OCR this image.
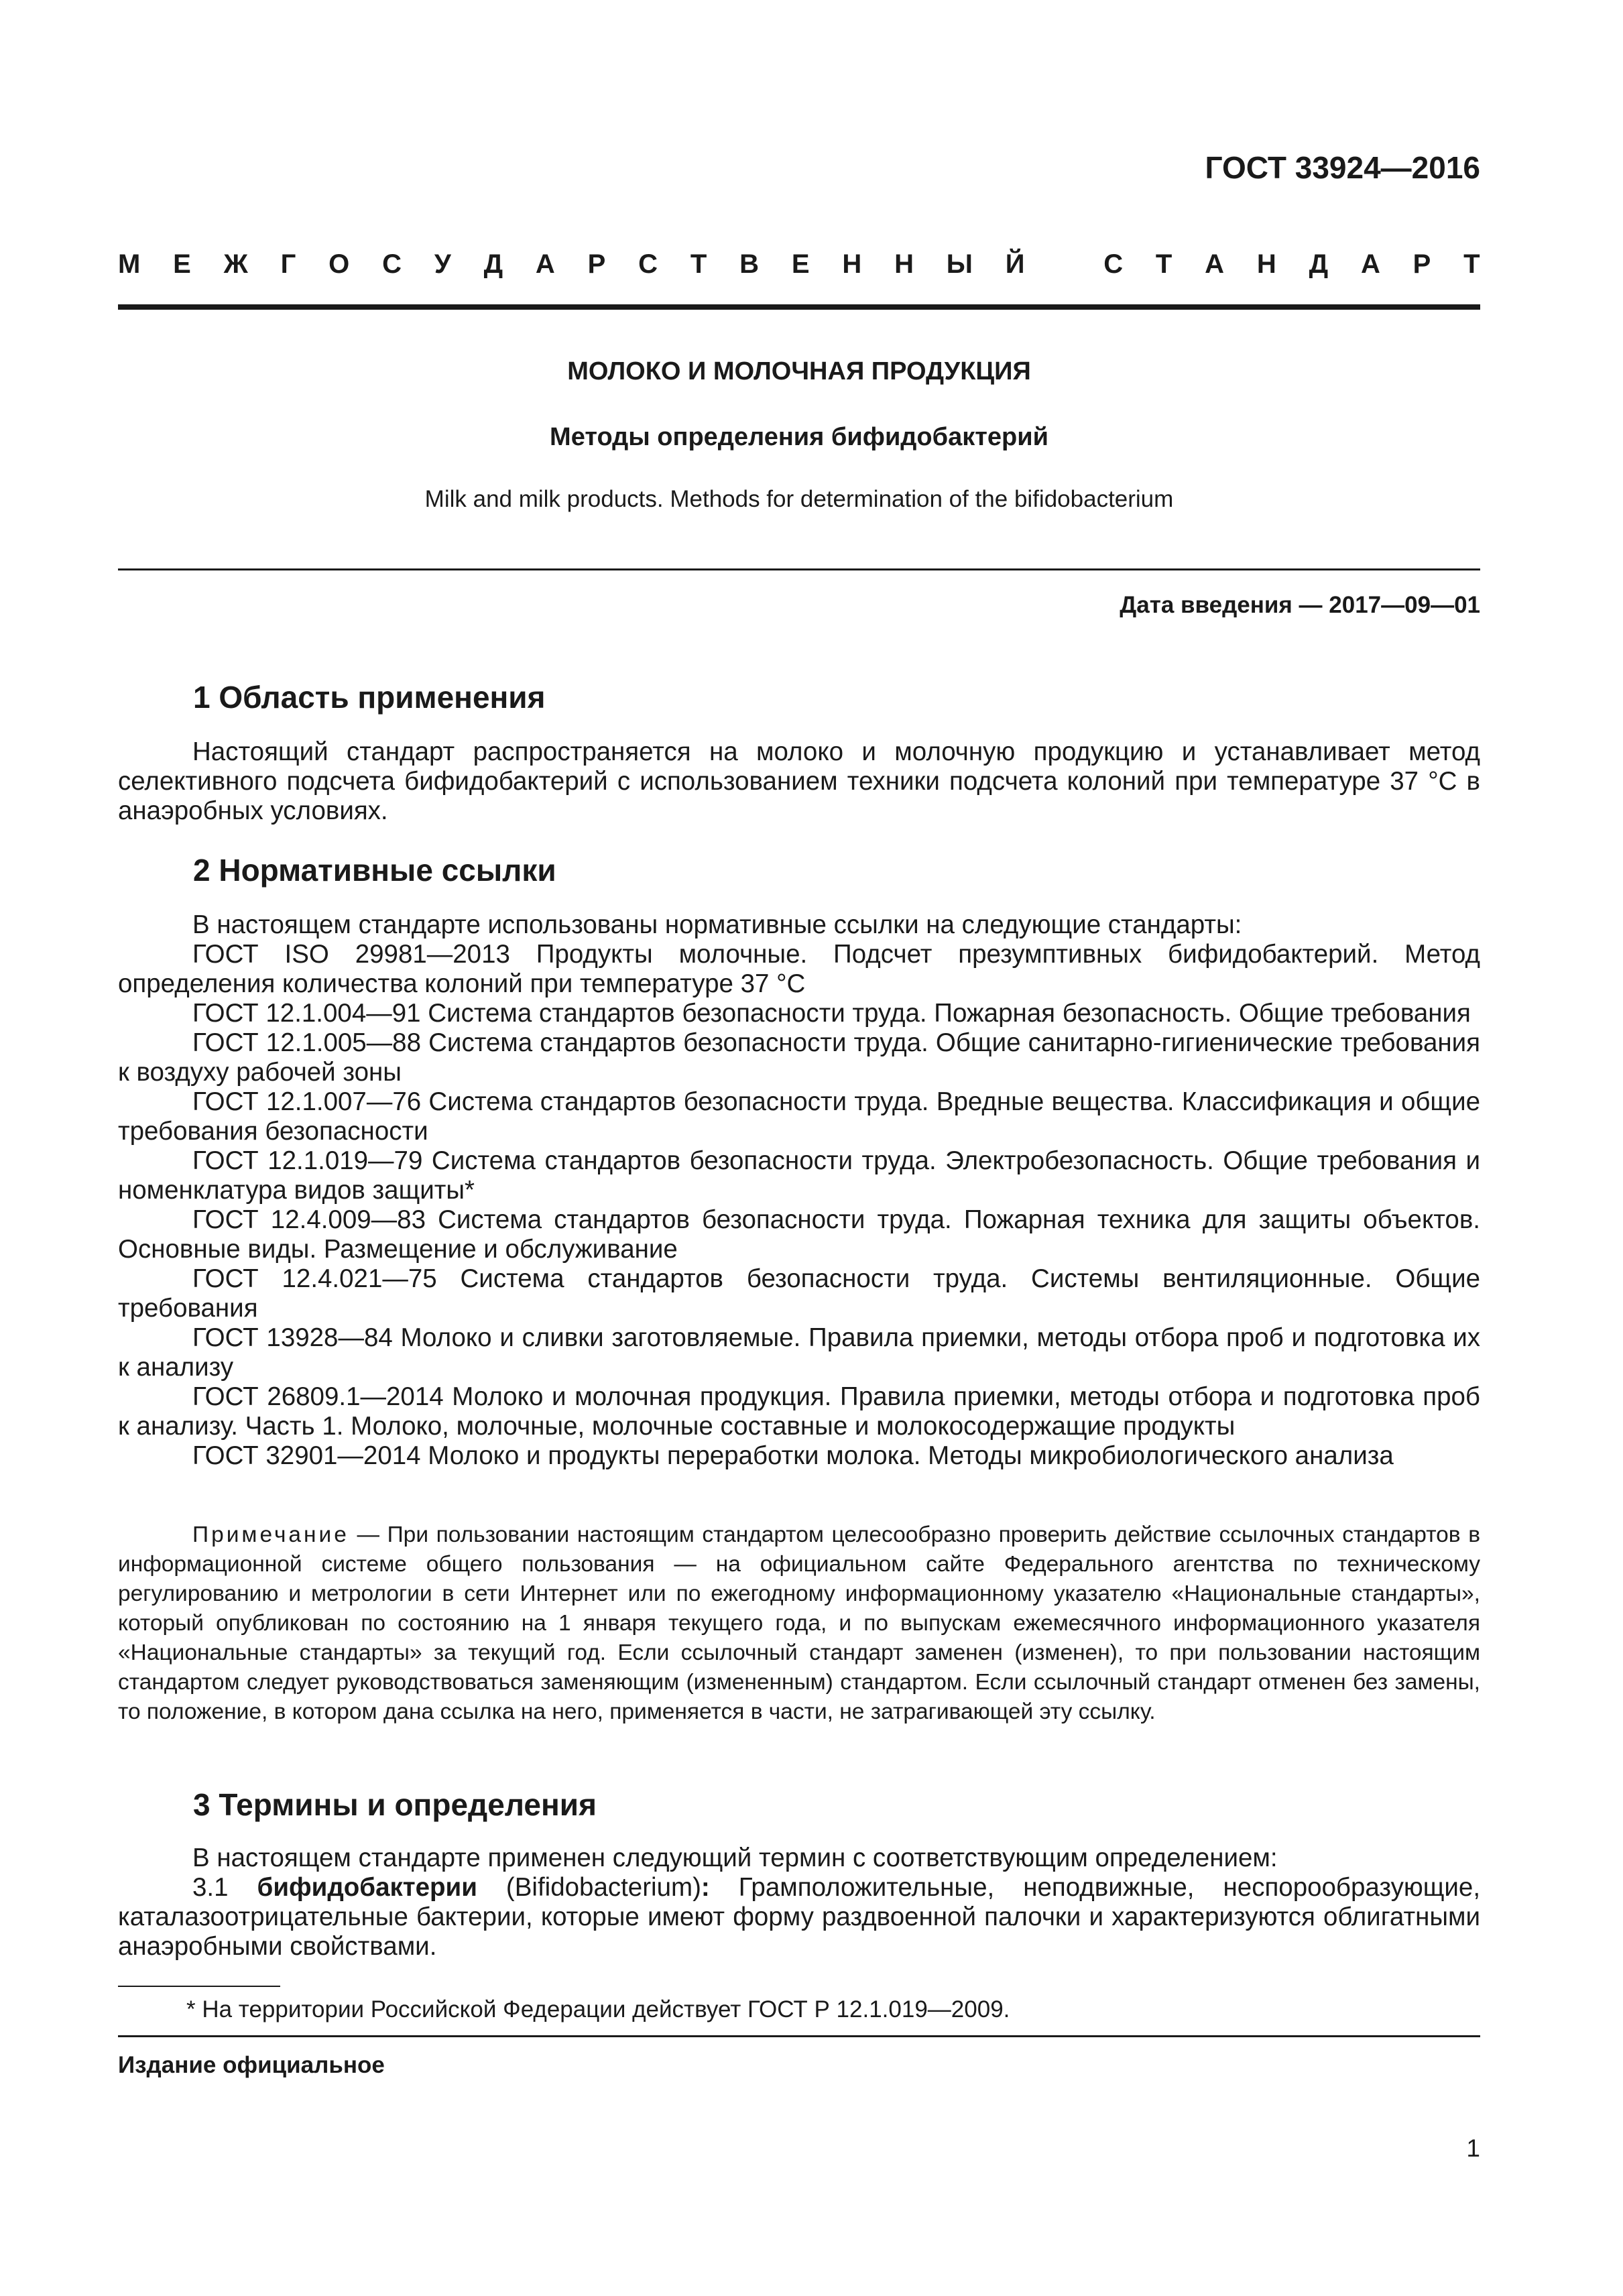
ГОСТ 33924—2016
М Е Ж Г О С У Д А Р С Т В Е Н Н Ы Й	С Т А Н Д А Р Т
МОЛОКО И МОЛОЧНАЯ ПРОДУКЦИЯ
Методы определения бифидобактерий
Milk and milk products. Methods for determination of the bifidobacterium
Дата введения — 2017—09—01
1 Область применения

Настоящий стандарт распространяется на молоко и молочную продукцию и устанавливает метод селективного подсчета бифидобактерий с использованием техники подсчета колоний при температуре 37 °С в анаэробных условиях.

2 Нормативные ссылки

В настоящем стандарте использованы нормативные ссылки на следующие стандарты:

ГОСТ ISO 29981—2013 Продукты молочные. Подсчет презумптивных бифидобактерий. Метод определения количества колоний при температуре 37 °С

ГОСТ 12.1.004—91 Система стандартов безопасности труда. Пожарная безопасность. Общие требования

ГОСТ 12.1.005—88 Система стандартов безопасности труда. Общие санитарно-гигиенические требования к воздуху рабочей зоны

ГОСТ 12.1.007—76 Система стандартов безопасности труда. Вредные вещества. Классификация и общие требования безопасности

ГОСТ 12.1.019—79 Система стандартов безопасности труда. Электробезопасность. Общие требования и номенклатура видов защиты*

ГОСТ 12.4.009—83 Система стандартов безопасности труда. Пожарная техника для защиты объектов. Основные виды. Размещение и обслуживание

ГОСТ 12.4.021—75 Система стандартов безопасности труда. Системы вентиляционные. Общие требования

ГОСТ 13928—84 Молоко и сливки заготовляемые. Правила приемки, методы отбора проб и подготовка их к анализу

ГОСТ 26809.1—2014 Молоко и молочная продукция. Правила приемки, методы отбора и подготовка проб к анализу. Часть 1. Молоко, молочные, молочные составные и молокосодержащие продукты

ГОСТ 32901—2014 Молоко и продукты переработки молока. Методы микробиологического анализа

Примечание — При пользовании настоящим стандартом целесообразно проверить действие ссылочных стандартов в информационной системе общего пользования — на официальном сайте Федерального агентства по техническому регулированию и метрологии в сети Интернет или по ежегодному информационному указателю «Национальные стандарты», который опубликован по состоянию на 1 января текущего года, и по выпускам ежемесячного информационного указателя «Национальные стандарты» за текущий год. Если ссылочный стандарт заменен (изменен), то при пользовании настоящим стандартом следует руководствоваться заменяющим (измененным) стандартом. Если ссылочный стандарт отменен без замены, то положение, в котором дана ссылка на него, применяется в части, не затрагивающей эту ссылку.

3 Термины и определения

В настоящем стандарте применен следующий термин с соответствующим определением:

3.1 бифидобактерии (Bifidobacterium): Грамположительные, неподвижные, неспорообразующие, каталазоотрицательные бактерии, которые имеют форму раздвоенной палочки и характеризуются облигатными анаэробными свойствами.

* На территории Российской Федерации действует ГОСТ Р 12.1.019—2009.
Издание официальное
1
